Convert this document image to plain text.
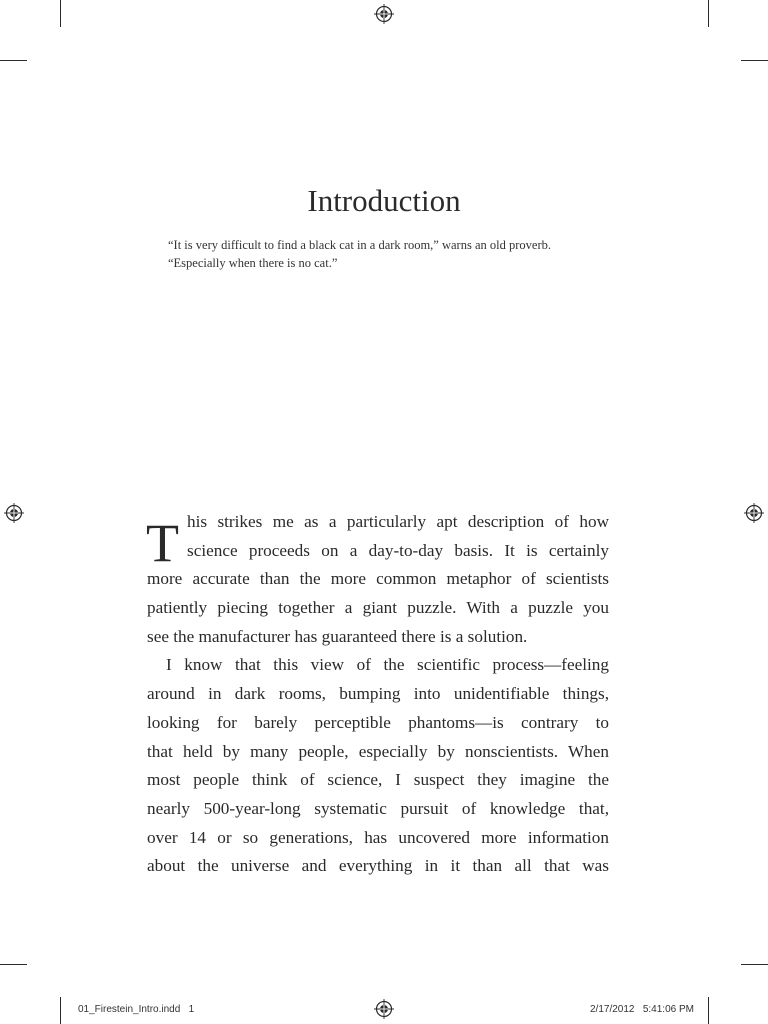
Introduction
“It is very difficult to find a black cat in a dark room,” warns an old proverb.
“Especially when there is no cat.”
T his strikes me as a particularly apt description of how
science proceeds on a day-to-day basis. It is certainly
more accurate than the more common metaphor of scientists
patiently piecing together a giant puzzle. With a puzzle you
see the manufacturer has guaranteed there is a solution.
I know that this view of the scientific process—feeling
around in dark rooms, bumping into unidentifiable things,
looking for barely perceptible phantoms—is contrary to
that held by many people, especially by nonscientists. When
most people think of science, I suspect they imagine the
nearly 500-year-long systematic pursuit of knowledge that,
over 14 or so generations, has uncovered more information
about the universe and everything in it than all that was
01_Firestein_Intro.indd   1	2/17/2012   5:41:06 PM
